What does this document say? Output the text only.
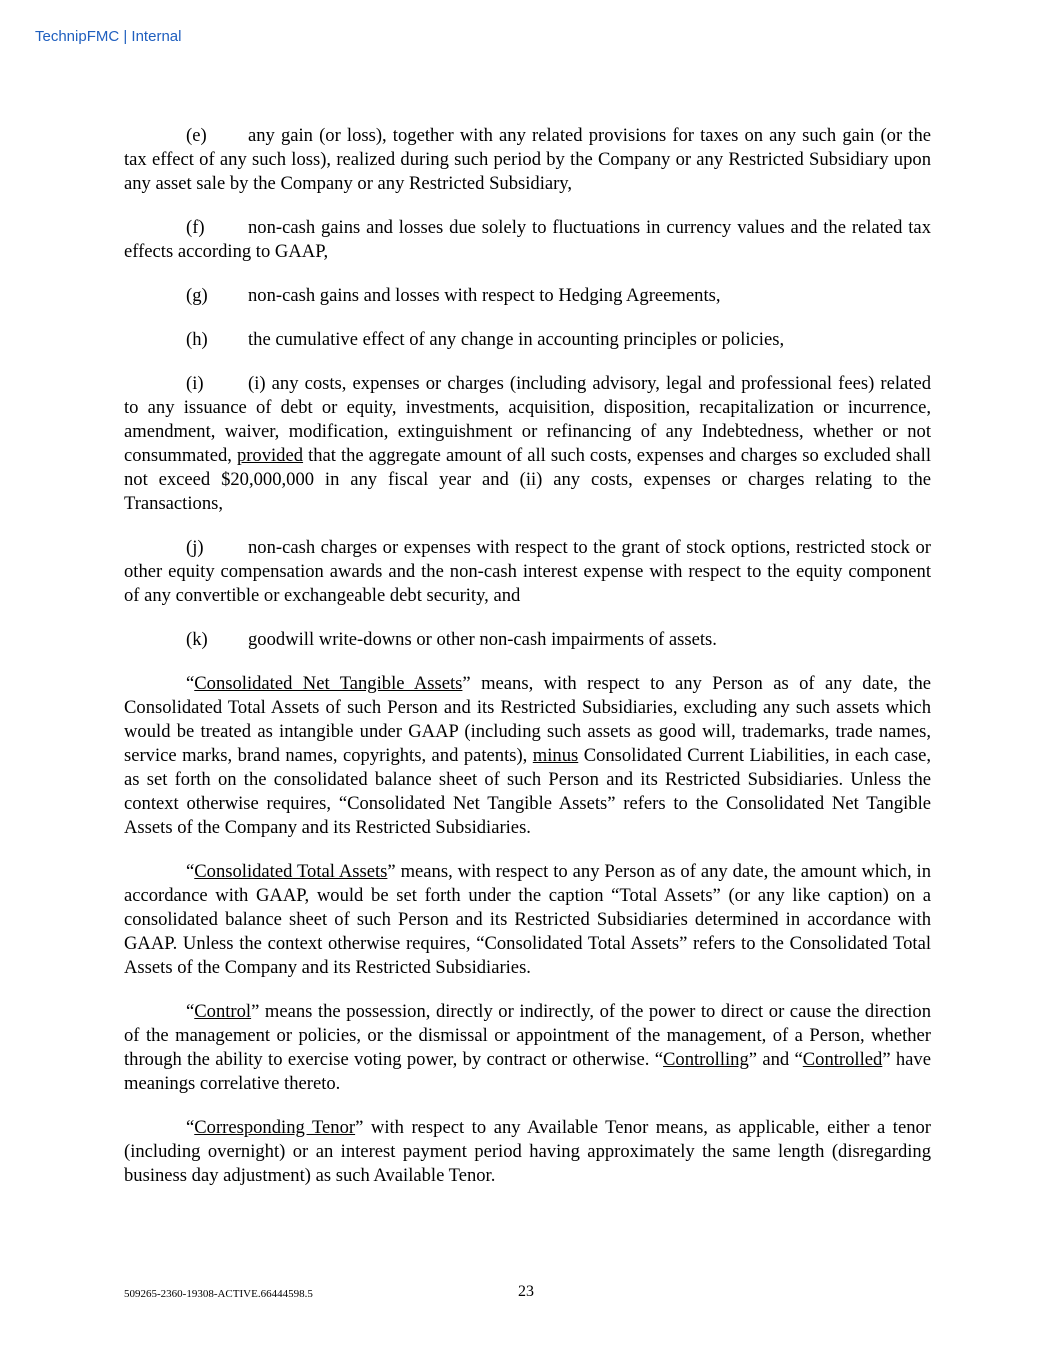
TechnipFMC | Internal

(e) any gain (or loss), together with any related provisions for taxes on any such gain (or the tax effect of any such loss), realized during such period by the Company or any Restricted Subsidiary upon any asset sale by the Company or any Restricted Subsidiary,

(f) non-cash gains and losses due solely to fluctuations in currency values and the related tax effects according to GAAP,

(g) non-cash gains and losses with respect to Hedging Agreements,

(h) the cumulative effect of any change in accounting principles or policies,

(i) (i) any costs, expenses or charges (including advisory, legal and professional fees) related to any issuance of debt or equity, investments, acquisition, disposition, recapitalization or incurrence, amendment, waiver, modification, extinguishment or refinancing of any Indebtedness, whether or not consummated, provided that the aggregate amount of all such costs, expenses and charges so excluded shall not exceed $20,000,000 in any fiscal year and (ii) any costs, expenses or charges relating to the Transactions,

(j) non-cash charges or expenses with respect to the grant of stock options, restricted stock or other equity compensation awards and the non-cash interest expense with respect to the equity component of any convertible or exchangeable debt security, and

(k) goodwill write-downs or other non-cash impairments of assets.

“Consolidated Net Tangible Assets” means, with respect to any Person as of any date, the Consolidated Total Assets of such Person and its Restricted Subsidiaries, excluding any such assets which would be treated as intangible under GAAP (including such assets as good will, trademarks, trade names, service marks, brand names, copyrights, and patents), minus Consolidated Current Liabilities, in each case, as set forth on the consolidated balance sheet of such Person and its Restricted Subsidiaries. Unless the context otherwise requires, “Consolidated Net Tangible Assets” refers to the Consolidated Net Tangible Assets of the Company and its Restricted Subsidiaries.

“Consolidated Total Assets” means, with respect to any Person as of any date, the amount which, in accordance with GAAP, would be set forth under the caption “Total Assets” (or any like caption) on a consolidated balance sheet of such Person and its Restricted Subsidiaries determined in accordance with GAAP. Unless the context otherwise requires, “Consolidated Total Assets” refers to the Consolidated Total Assets of the Company and its Restricted Subsidiaries.

“Control” means the possession, directly or indirectly, of the power to direct or cause the direction of the management or policies, or the dismissal or appointment of the management, of a Person, whether through the ability to exercise voting power, by contract or otherwise. “Controlling” and “Controlled” have meanings correlative thereto.

“Corresponding Tenor” with respect to any Available Tenor means, as applicable, either a tenor (including overnight) or an interest payment period having approximately the same length (disregarding business day adjustment) as such Available Tenor.

509265-2360-19308-ACTIVE.66444598.5	23
